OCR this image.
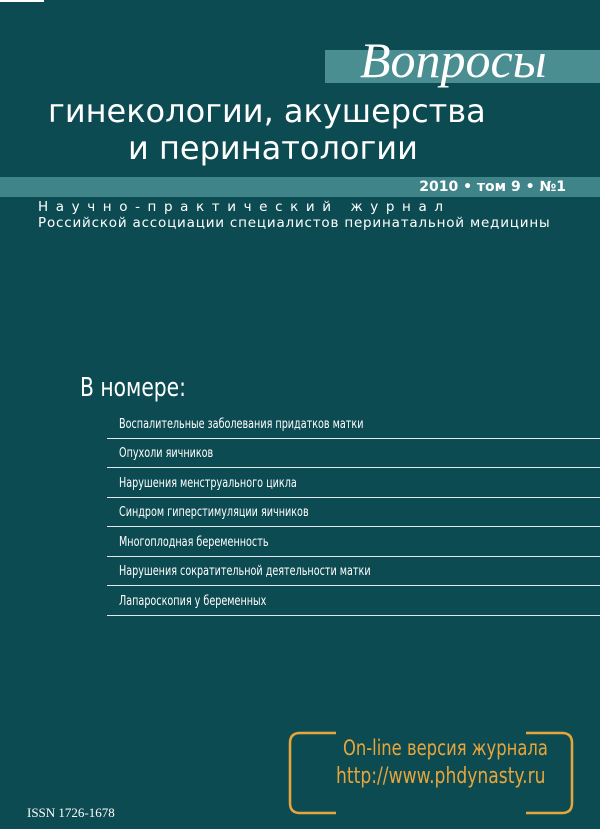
Вопросы
гинекологии, акушерства
и перинатологии
2010 • том 9 • №1
Научно-практический журнал
Российской ассоциации специалистов перинатальной медицины
В номере:
Воспалительные заболевания придатков матки
Опухоли яичников
Нарушения менструального цикла
Синдром гиперстимуляции яичников
Многоплодная беременность
Нарушения сократительной деятельности матки
Лапароскопия у беременных
On-line версия журнала
http://www.phdynasty.ru
ISSN 1726-1678
